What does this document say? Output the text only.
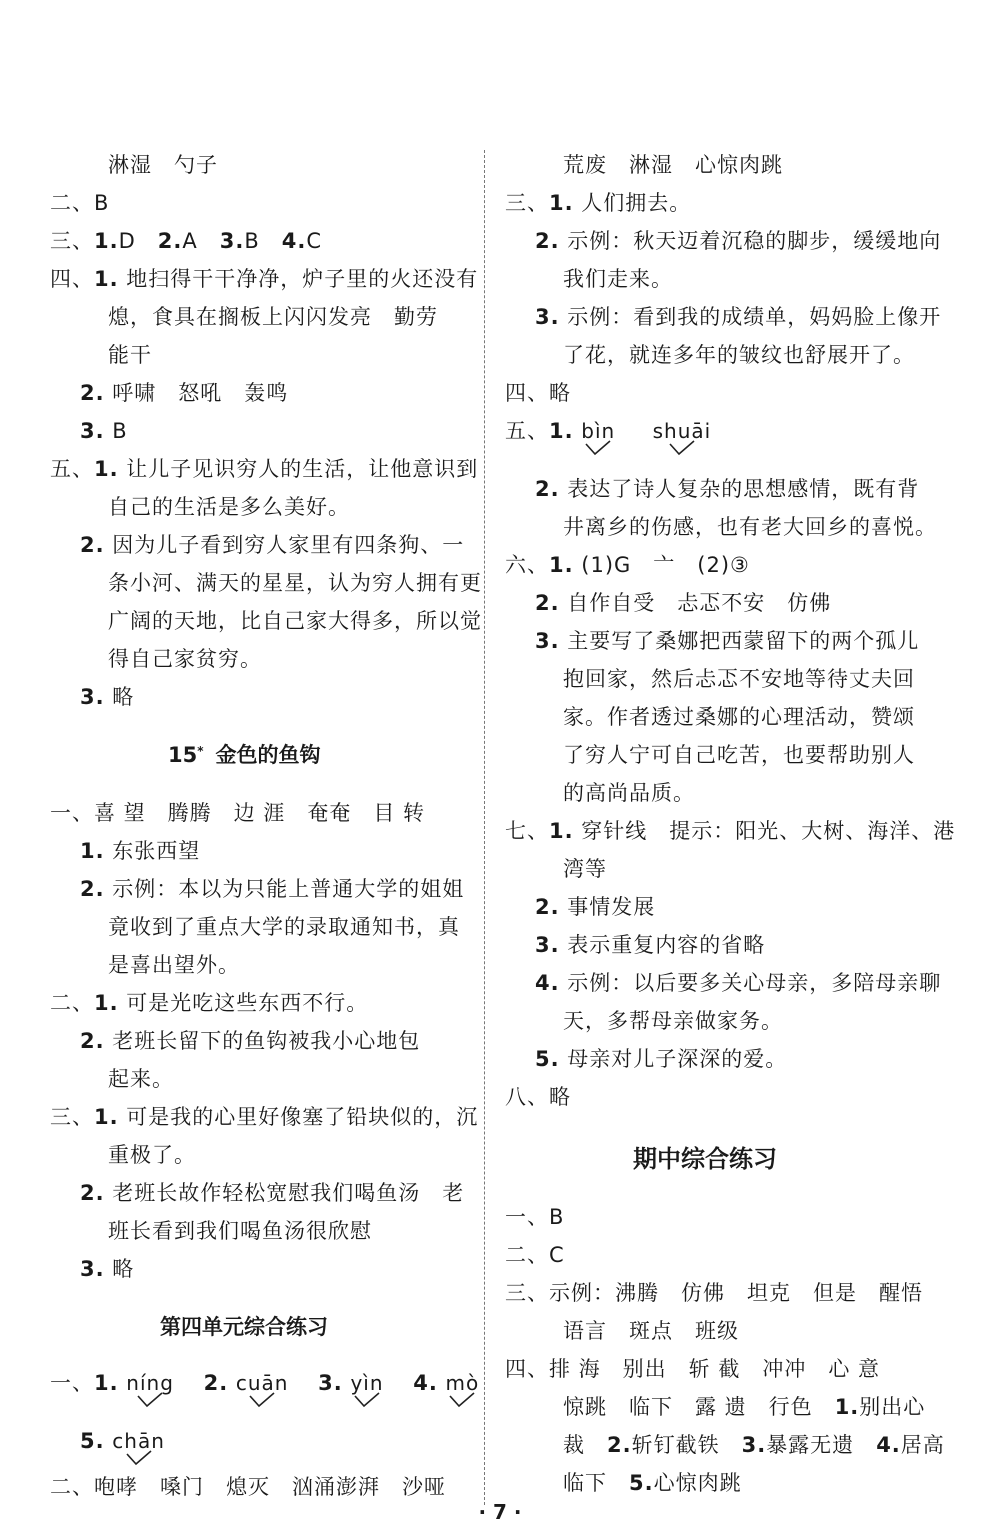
淋湿　勺子
二、B
三、1.D 2.A 3.B 4.C
四、1. 地扫得干干净净，炉子里的火还没有
熄，食具在搁板上闪闪发亮　勤劳
能干
2. 呼啸　怒吼　轰鸣
3. B
五、1. 让儿子见识穷人的生活，让他意识到
自己的生活是多么美好。
2. 因为儿子看到穷人家里有四条狗、一
条小河、满天的星星，认为穷人拥有更
广阔的天地，比自己家大得多，所以觉
得自己家贫穷。
3. 略
15* 金色的鱼钩
一、喜 望　腾腾　边 涯　奄奄　目 转
1. 东张西望
2. 示例：本以为只能上普通大学的姐姐
竟收到了重点大学的录取通知书，真
是喜出望外。
二、1. 可是光吃这些东西不行。
2. 老班长留下的鱼钩被我小心地包
起来。
三、1. 可是我的心里好像塞了铅块似的，沉
重极了。
2. 老班长故作轻松宽慰我们喝鱼汤　老
班长看到我们喝鱼汤很欣慰
3. 略
第四单元综合练习
一、1. níng 2. cuān 3. yìn 4. mò
5. chān
二、咆哮　嗓门　熄灭　汹涌澎湃　沙哑
荒废　淋湿　心惊肉跳
三、1. 人们拥去。
2. 示例：秋天迈着沉稳的脚步，缓缓地向
我们走来。
3. 示例：看到我的成绩单，妈妈脸上像开
了花，就连多年的皱纹也舒展开了。
四、略
五、1. bìn shuāi
2. 表达了诗人复杂的思想感情，既有背
井离乡的伤感，也有老大回乡的喜悦。
六、1. (1)G　亠　(2)③
2. 自作自受　忐忑不安　仿佛
3. 主要写了桑娜把西蒙留下的两个孤儿
抱回家，然后忐忑不安地等待丈夫回
家。作者透过桑娜的心理活动，赞颂
了穷人宁可自己吃苦，也要帮助别人
的高尚品质。
七、1. 穿针线　提示：阳光、大树、海洋、港
湾等
2. 事情发展
3. 表示重复内容的省略
4. 示例：以后要多关心母亲，多陪母亲聊
天，多帮母亲做家务。
5. 母亲对儿子深深的爱。
八、略
期中综合练习
一、B
二、C
三、示例：沸腾　仿佛　坦克　但是　醒悟
语言　斑点　班级
四、排 海　别出　斩 截　冲冲　心 意
惊跳　临下　露 遗　行色　1.别出心
裁　2.斩钉截铁　3.暴露无遗　4.居高
临下　5.心惊肉跳
· 7 ·
